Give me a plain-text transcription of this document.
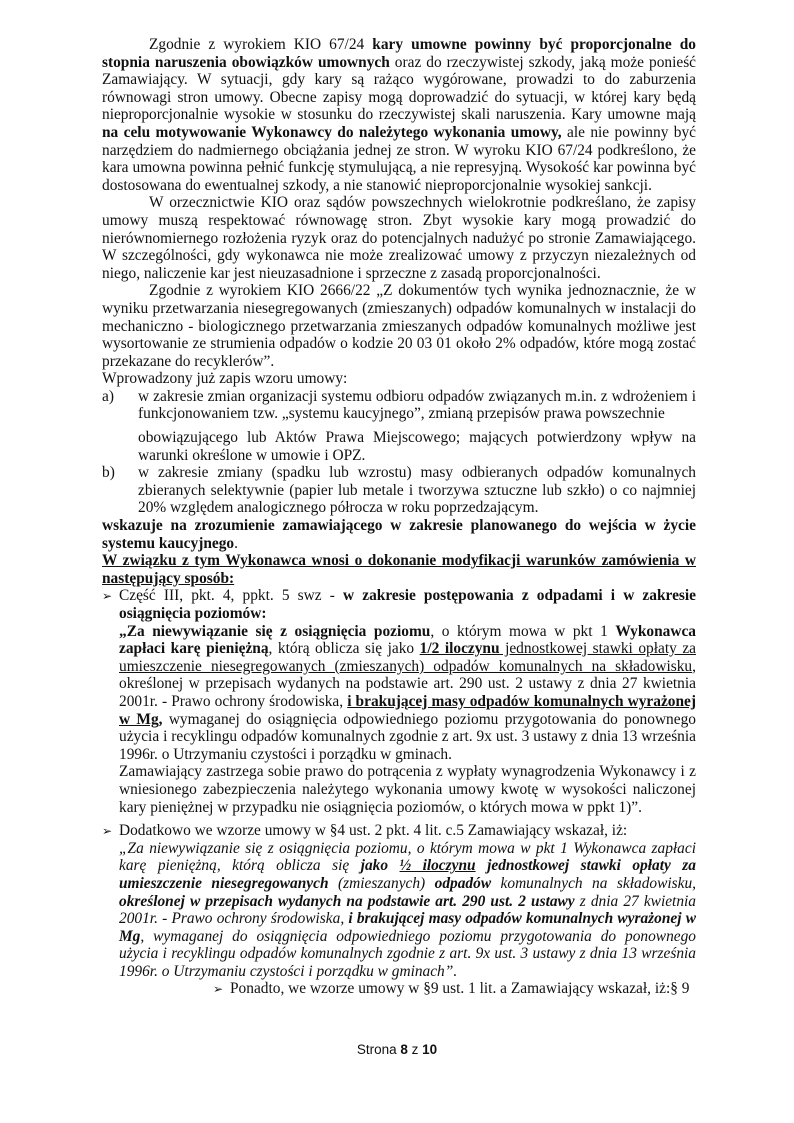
Zgodnie z wyrokiem KIO 67/24 kary umowne powinny być proporcjonalne do stopnia naruszenia obowiązków umownych oraz do rzeczywistej szkody, jaką może ponieść Zamawiający. W sytuacji, gdy kary są rażąco wygórowane, prowadzi to do zaburzenia równowagi stron umowy. Obecne zapisy mogą doprowadzić do sytuacji, w której kary będą nieproporcjonalnie wysokie w stosunku do rzeczywistej skali naruszenia. Kary umowne mają na celu motywowanie Wykonawcy do należytego wykonania umowy, ale nie powinny być narzędziem do nadmiernego obciążania jednej ze stron. W wyroku KIO 67/24 podkreślono, że kara umowna powinna pełnić funkcję stymulującą, a nie represyjną. Wysokość kar powinna być dostosowana do ewentualnej szkody, a nie stanowić nieproporcjonalnie wysokiej sankcji.

W orzecznictwie KIO oraz sądów powszechnych wielokrotnie podkreślano, że zapisy umowy muszą respektować równowagę stron. Zbyt wysokie kary mogą prowadzić do nierównomiernego rozłożenia ryzyk oraz do potencjalnych nadużyć po stronie Zamawiającego. W szczególności, gdy wykonawca nie może zrealizować umowy z przyczyn niezależnych od niego, naliczenie kar jest nieuzasadnione i sprzeczne z zasadą proporcjonalności.

Zgodnie z wyrokiem KIO 2666/22 „Z dokumentów tych wynika jednoznacznie, że w wyniku przetwarzania niesegregowanych (zmieszanych) odpadów komunalnych w instalacji do mechaniczno - biologicznego przetwarzania zmieszanych odpadów komunalnych możliwe jest wysortowanie ze strumienia odpadów o kodzie 20 03 01 około 2% odpadów, które mogą zostać przekazane do recyklerów”.

Wprowadzony już zapis wzoru umowy:

a)	w zakresie zmian organizacji systemu odbioru odpadów związanych m.in. z wdrożeniem i funkcjonowaniem tzw. „systemu kaucyjnego”, zmianą przepisów prawa powszechnie

obowiązującego lub Aktów Prawa Miejscowego; mających potwierdzony wpływ na warunki określone w umowie i OPZ.

b)	w zakresie zmiany (spadku lub wzrostu) masy odbieranych odpadów komunalnych zbieranych selektywnie (papier lub metale i tworzywa sztuczne lub szkło) o co najmniej 20% względem analogicznego półrocza w roku poprzedzającym.

wskazuje na zrozumienie zamawiającego w zakresie planowanego do wejścia w życie systemu kaucyjnego.

W związku z tym Wykonawca wnosi o dokonanie modyfikacji warunków zamówienia w następujący sposób:

➢ Część III, pkt. 4, ppkt. 5 swz - w zakresie postępowania z odpadami i w zakresie osiągnięcia poziomów:

„Za niewywiązanie się z osiągnięcia poziomu, o którym mowa w pkt 1 Wykonawca zapłaci karę pieniężną, którą oblicza się jako 1/2 iloczynu jednostkowej stawki opłaty za umieszczenie niesegregowanych (zmieszanych) odpadów komunalnych na składowisku, określonej w przepisach wydanych na podstawie art. 290 ust. 2 ustawy z dnia 27 kwietnia 2001r. - Prawo ochrony środowiska, i brakującej masy odpadów komunalnych wyrażonej w Mg, wymaganej do osiągnięcia odpowiedniego poziomu przygotowania do ponownego użycia i recyklingu odpadów komunalnych zgodnie z art. 9x ust. 3 ustawy z dnia 13 września 1996r. o Utrzymaniu czystości i porządku w gminach.

Zamawiający zastrzega sobie prawo do potrącenia z wypłaty wynagrodzenia Wykonawcy i z wniesionego zabezpieczenia należytego wykonania umowy kwotę w wysokości naliczonej kary pieniężnej w przypadku nie osiągnięcia poziomów, o których mowa w ppkt 1)”.

➢ Dodatkowo we wzorze umowy w §4 ust. 2 pkt. 4 lit. c.5 Zamawiający wskazał, iż:

„Za niewywiązanie się z osiągnięcia poziomu, o którym mowa w pkt 1 Wykonawca zapłaci karę pieniężną, którą oblicza się jako ½ iloczynu jednostkowej stawki opłaty za umieszczenie niesegregowanych (zmieszanych) odpadów komunalnych na składowisku, określonej w przepisach wydanych na podstawie art. 290 ust. 2 ustawy z dnia 27 kwietnia 2001r. - Prawo ochrony środowiska, i brakującej masy odpadów komunalnych wyrażonej w Mg, wymaganej do osiągnięcia odpowiedniego poziomu przygotowania do ponownego użycia i recyklingu odpadów komunalnych zgodnie z art. 9x ust. 3 ustawy z dnia 13 września 1996r. o Utrzymaniu czystości i porządku w gminach”.

➢ Ponadto, we wzorze umowy w §9 ust. 1 lit. a Zamawiający wskazał, iż:§ 9
Strona 8 z 10
